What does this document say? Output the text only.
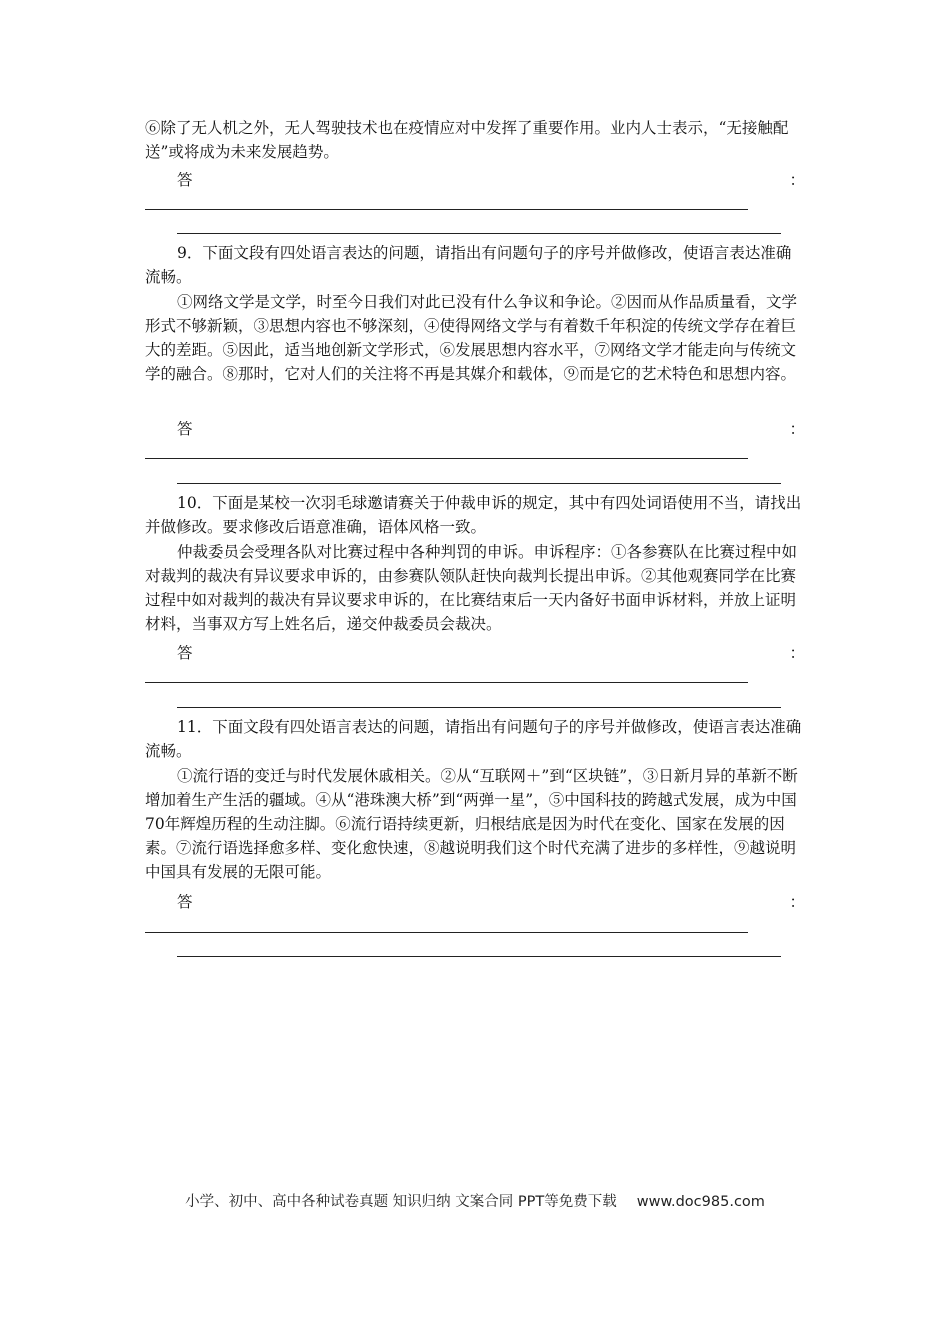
⑥除了无人机之外，无人驾驶技术也在疫情应对中发挥了重要作用。业内人士表示，“无接触配送”或将成为未来发展趋势。

答	：

9．下面文段有四处语言表达的问题，请指出有问题句子的序号并做修改，使语言表达准确流畅。

①网络文学是文学，时至今日我们对此已没有什么争议和争论。②因而从作品质量看，文学形式不够新颖，③思想内容也不够深刻，④使得网络文学与有着数千年积淀的传统文学存在着巨大的差距。⑤因此，适当地创新文学形式，⑥发展思想内容水平，⑦网络文学才能走向与传统文学的融合。⑧那时，它对人们的关注将不再是其媒介和载体，⑨而是它的艺术特色和思想内容。

答	：

10．下面是某校一次羽毛球邀请赛关于仲裁申诉的规定，其中有四处词语使用不当，请找出并做修改。要求修改后语意准确，语体风格一致。

仲裁委员会受理各队对比赛过程中各种判罚的申诉。申诉程序：①各参赛队在比赛过程中如对裁判的裁决有异议要求申诉的，由参赛队领队赶快向裁判长提出申诉。②其他观赛同学在比赛过程中如对裁判的裁决有异议要求申诉的，在比赛结束后一天内备好书面申诉材料，并放上证明材料，当事双方写上姓名后，递交仲裁委员会裁决。

答	：

11．下面文段有四处语言表达的问题，请指出有问题句子的序号并做修改，使语言表达准确流畅。

①流行语的变迁与时代发展休戚相关。②从“互联网＋”到“区块链”，③日新月异的革新不断增加着生产生活的疆域。④从“港珠澳大桥”到“两弹一星”，⑤中国科技的跨越式发展，成为中国70年辉煌历程的生动注脚。⑥流行语持续更新，归根结底是因为时代在变化、国家在发展的因素。⑦流行语选择愈多样、变化愈快速，⑧越说明我们这个时代充满了进步的多样性，⑨越说明中国具有发展的无限可能。

答	：
小学、初中、高中各种试卷真题 知识归纳 文案合同 PPT等免费下载 www.doc985.com
